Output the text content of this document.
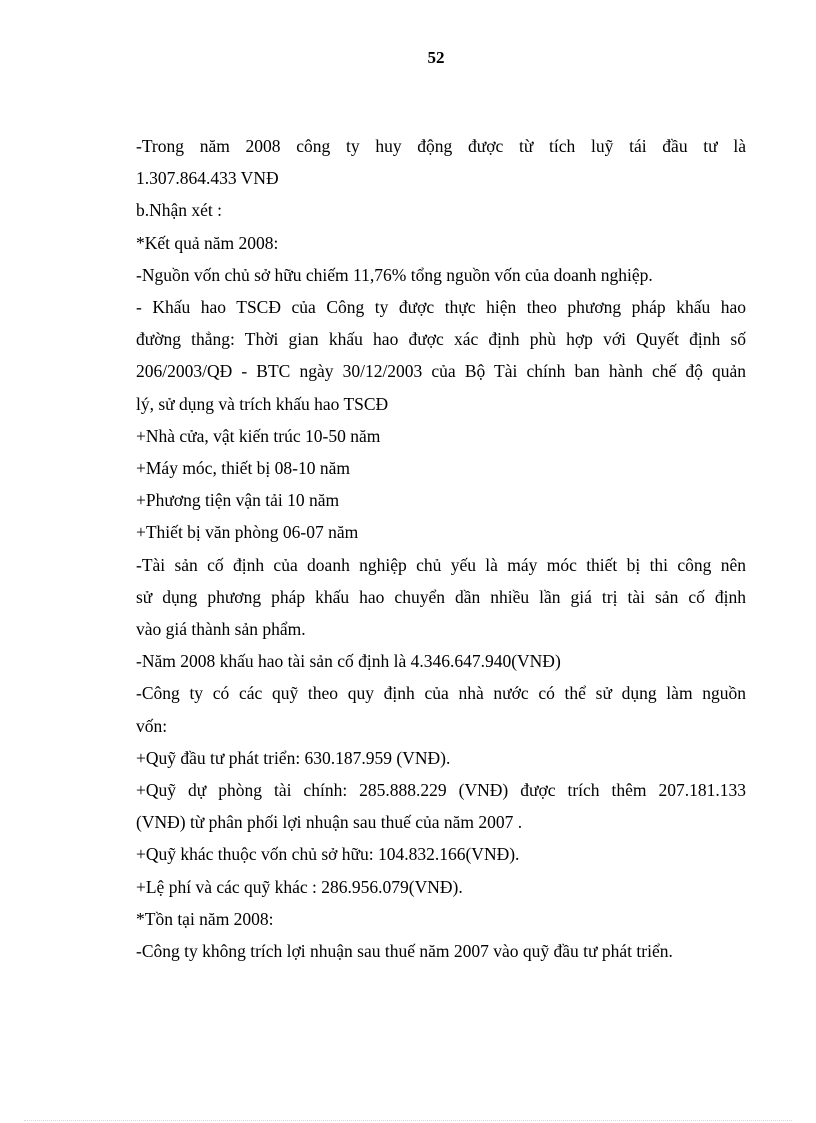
52
-Trong năm 2008 công ty huy động được từ tích luỹ tái đầu tư là
1.307.864.433 VNĐ
b.Nhận xét :
*Kết quả năm 2008:
-Nguồn vốn chủ sở hữu chiếm 11,76% tổng nguồn vốn của doanh nghiệp.
- Khấu hao TSCĐ của Công ty được thực hiện theo phương pháp khấu hao
đường thẳng: Thời gian khấu hao được xác định phù hợp với Quyết định số
206/2003/QĐ - BTC ngày 30/12/2003 của Bộ Tài chính ban hành chế độ quản
lý, sử dụng và trích khấu hao TSCĐ
+Nhà cửa, vật kiến trúc 10-50 năm
+Máy móc, thiết bị 08-10 năm
+Phương tiện vận tải 10 năm
+Thiết bị văn phòng 06-07 năm
-Tài sản cố định của doanh nghiệp chủ yếu là máy móc thiết bị thi công nên
sử dụng phương pháp khấu hao chuyển dần nhiều lần giá trị tài sản cố định
vào giá thành sản phẩm.
-Năm 2008 khấu hao tài sản cố định là 4.346.647.940(VNĐ)
-Công ty có các quỹ theo quy định của nhà nước có thể sử dụng làm nguồn
vốn:
+Quỹ đầu tư phát triển: 630.187.959 (VNĐ).
+Quỹ dự phòng tài chính: 285.888.229 (VNĐ) được trích thêm 207.181.133
(VNĐ) từ phân phối lợi nhuận sau thuế của năm 2007 .
+Quỹ khác thuộc vốn chủ sở hữu: 104.832.166(VNĐ).
+Lệ phí và các quỹ khác : 286.956.079(VNĐ).
*Tồn tại năm 2008:
-Công ty không trích lợi nhuận sau thuế năm 2007 vào quỹ đầu tư phát triển.
